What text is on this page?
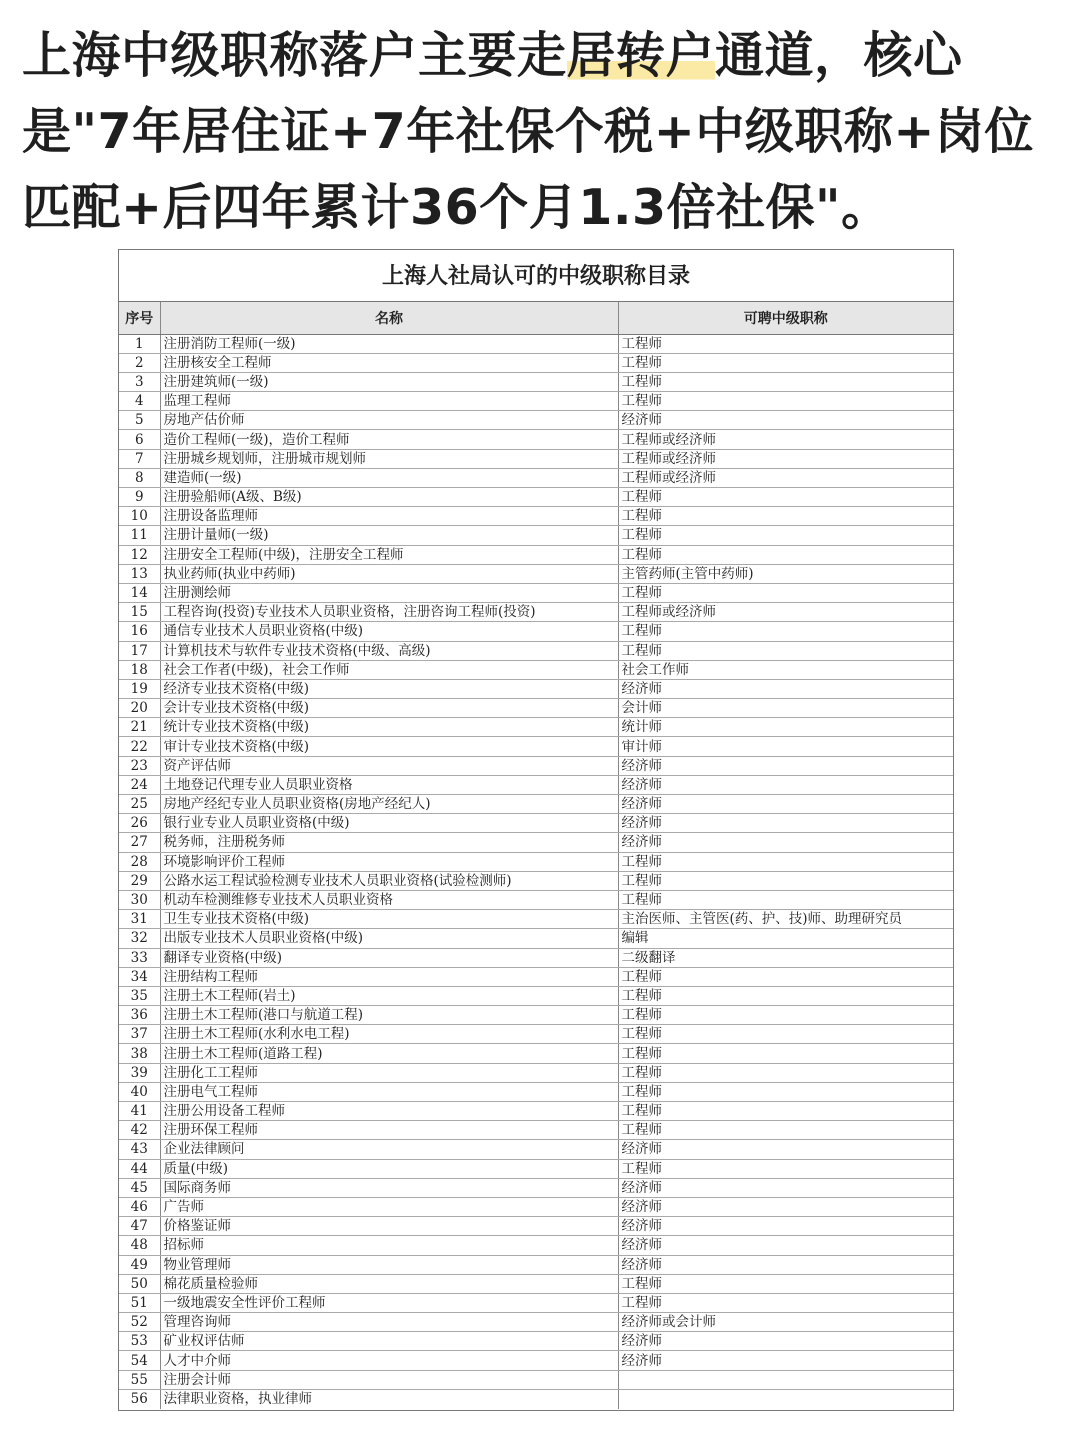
上海中级职称落户主要走居转户通道，核心是"7年居住证+7年社保个税+中级职称+岗位匹配+后四年累计36个月1.3倍社保"。
上海人社局认可的中级职称目录
序号	名称	可聘中级职称
1	注册消防工程师(一级)	工程师
2	注册核安全工程师	工程师
3	注册建筑师(一级)	工程师
4	监理工程师	工程师
5	房地产估价师	经济师
6	造价工程师(一级)，造价工程师	工程师或经济师
7	注册城乡规划师，注册城市规划师	工程师或经济师
8	建造师(一级)	工程师或经济师
9	注册验船师(A级、B级)	工程师
10	注册设备监理师	工程师
11	注册计量师(一级)	工程师
12	注册安全工程师(中级)，注册安全工程师	工程师
13	执业药师(执业中药师)	主管药师(主管中药师)
14	注册测绘师	工程师
15	工程咨询(投资)专业技术人员职业资格，注册咨询工程师(投资)	工程师或经济师
16	通信专业技术人员职业资格(中级)	工程师
17	计算机技术与软件专业技术资格(中级、高级)	工程师
18	社会工作者(中级)，社会工作师	社会工作师
19	经济专业技术资格(中级)	经济师
20	会计专业技术资格(中级)	会计师
21	统计专业技术资格(中级)	统计师
22	审计专业技术资格(中级)	审计师
23	资产评估师	经济师
24	土地登记代理专业人员职业资格	经济师
25	房地产经纪专业人员职业资格(房地产经纪人)	经济师
26	银行业专业人员职业资格(中级)	经济师
27	税务师，注册税务师	经济师
28	环境影响评价工程师	工程师
29	公路水运工程试验检测专业技术人员职业资格(试验检测师)	工程师
30	机动车检测维修专业技术人员职业资格	工程师
31	卫生专业技术资格(中级)	主治医师、主管医(药、护、技)师、助理研究员
32	出版专业技术人员职业资格(中级)	编辑
33	翻译专业资格(中级)	二级翻译
34	注册结构工程师	工程师
35	注册土木工程师(岩土)	工程师
36	注册土木工程师(港口与航道工程)	工程师
37	注册土木工程师(水利水电工程)	工程师
38	注册土木工程师(道路工程)	工程师
39	注册化工工程师	工程师
40	注册电气工程师	工程师
41	注册公用设备工程师	工程师
42	注册环保工程师	工程师
43	企业法律顾问	经济师
44	质量(中级)	工程师
45	国际商务师	经济师
46	广告师	经济师
47	价格鉴证师	经济师
48	招标师	经济师
49	物业管理师	经济师
50	棉花质量检验师	工程师
51	一级地震安全性评价工程师	工程师
52	管理咨询师	经济师或会计师
53	矿业权评估师	经济师
54	人才中介师	经济师
55	注册会计师	
56	法律职业资格，执业律师	
